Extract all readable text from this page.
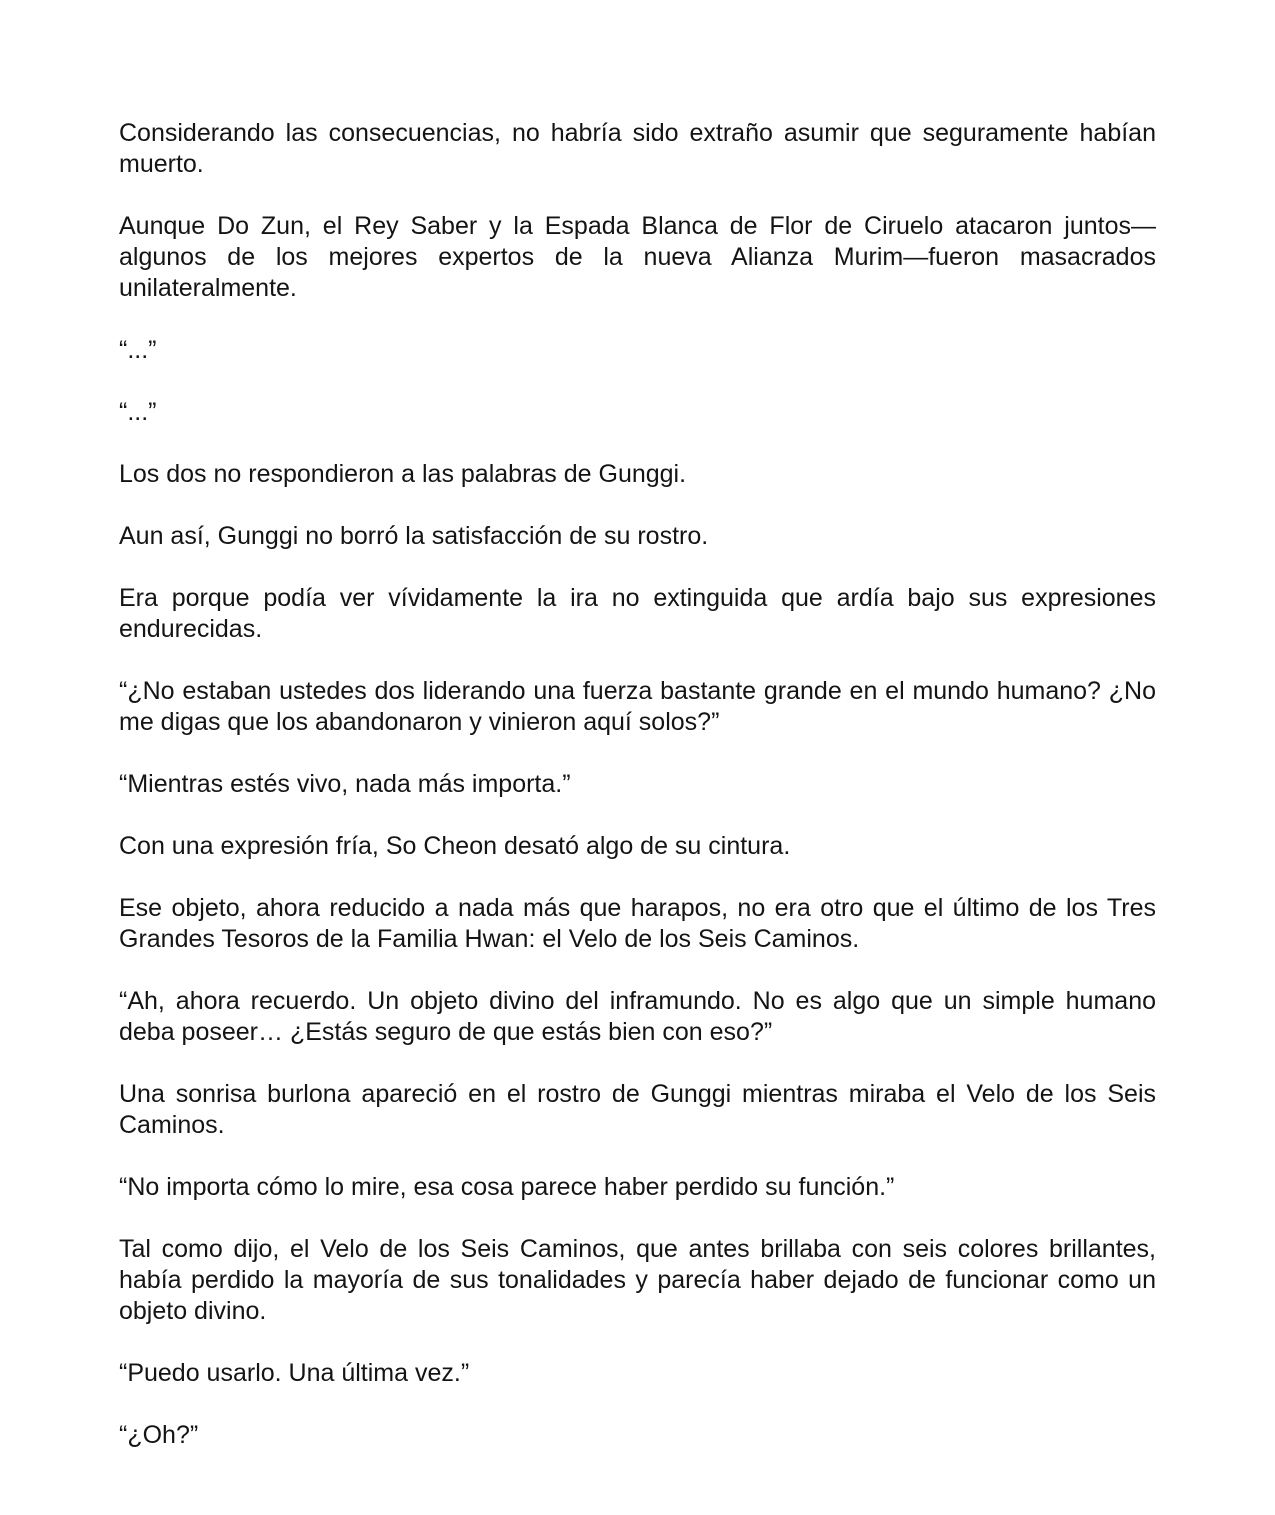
Considerando las consecuencias, no habría sido extraño asumir que seguramente habían muerto.

Aunque Do Zun, el Rey Saber y la Espada Blanca de Flor de Ciruelo atacaron juntos—algunos de los mejores expertos de la nueva Alianza Murim—fueron masacrados unilateralmente.

“...”

“...”

Los dos no respondieron a las palabras de Gunggi.

Aun así, Gunggi no borró la satisfacción de su rostro.

Era porque podía ver vívidamente la ira no extinguida que ardía bajo sus expresiones endurecidas.

“¿No estaban ustedes dos liderando una fuerza bastante grande en el mundo humano? ¿No me digas que los abandonaron y vinieron aquí solos?”

“Mientras estés vivo, nada más importa.”

Con una expresión fría, So Cheon desató algo de su cintura.

Ese objeto, ahora reducido a nada más que harapos, no era otro que el último de los Tres Grandes Tesoros de la Familia Hwan: el Velo de los Seis Caminos.

“Ah, ahora recuerdo. Un objeto divino del inframundo. No es algo que un simple humano deba poseer… ¿Estás seguro de que estás bien con eso?”

Una sonrisa burlona apareció en el rostro de Gunggi mientras miraba el Velo de los Seis Caminos.

“No importa cómo lo mire, esa cosa parece haber perdido su función.”

Tal como dijo, el Velo de los Seis Caminos, que antes brillaba con seis colores brillantes, había perdido la mayoría de sus tonalidades y parecía haber dejado de funcionar como un objeto divino.

“Puedo usarlo. Una última vez.”

“¿Oh?”
